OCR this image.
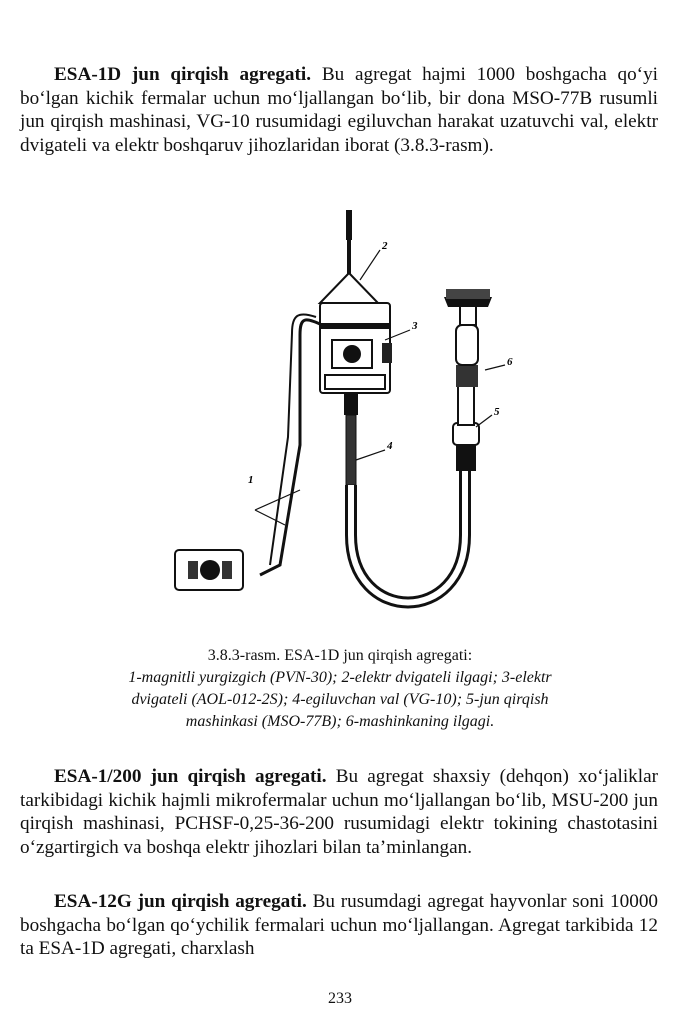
ESA-1D jun qirqish agregati. Bu agregat hajmi 1000 boshgacha qo‘yi bo‘lgan kichik fermalar uchun mo‘ljallangan bo‘lib, bir dona MSO-77B rusumli jun qirqish mashinasi, VG-10 rusumidagi egiluvchan harakat uzatuvchi val, elektr dvigateli va elektr boshqaruv jihozlaridan iborat (3.8.3-rasm).

1
2
3
4
5
6
3.8.3-rasm. ESA-1D jun qirqish agregati:
1-magnitli yurgizgich (PVN-30); 2-elektr dvigateli ilgagi; 3-elektr dvigateli (AOL-012-2S); 4-egiluvchan val (VG-10); 5-jun qirqish mashinkasi (MSO-77B); 6-mashinkaning ilgagi.

ESA-1/200 jun qirqish agregati. Bu agregat shaxsiy (dehqon) xo‘jaliklar tarkibidagi kichik hajmli mikrofermalar uchun mo‘ljallangan bo‘lib, MSU-200 jun qirqish mashinasi, PCHSF-0,25-36-200 rusumidagi elektr tokining chastotasini o‘zgartirgich va boshqa elektr jihozlari bilan ta’minlangan.

ESA-12G jun qirqish agregati. Bu rusumdagi agregat hayvonlar soni 10000 boshgacha bo‘lgan qo‘ychilik fermalari uchun mo‘ljallangan. Agregat tarkibida 12 ta ESA-1D agregati, charxlash

233
